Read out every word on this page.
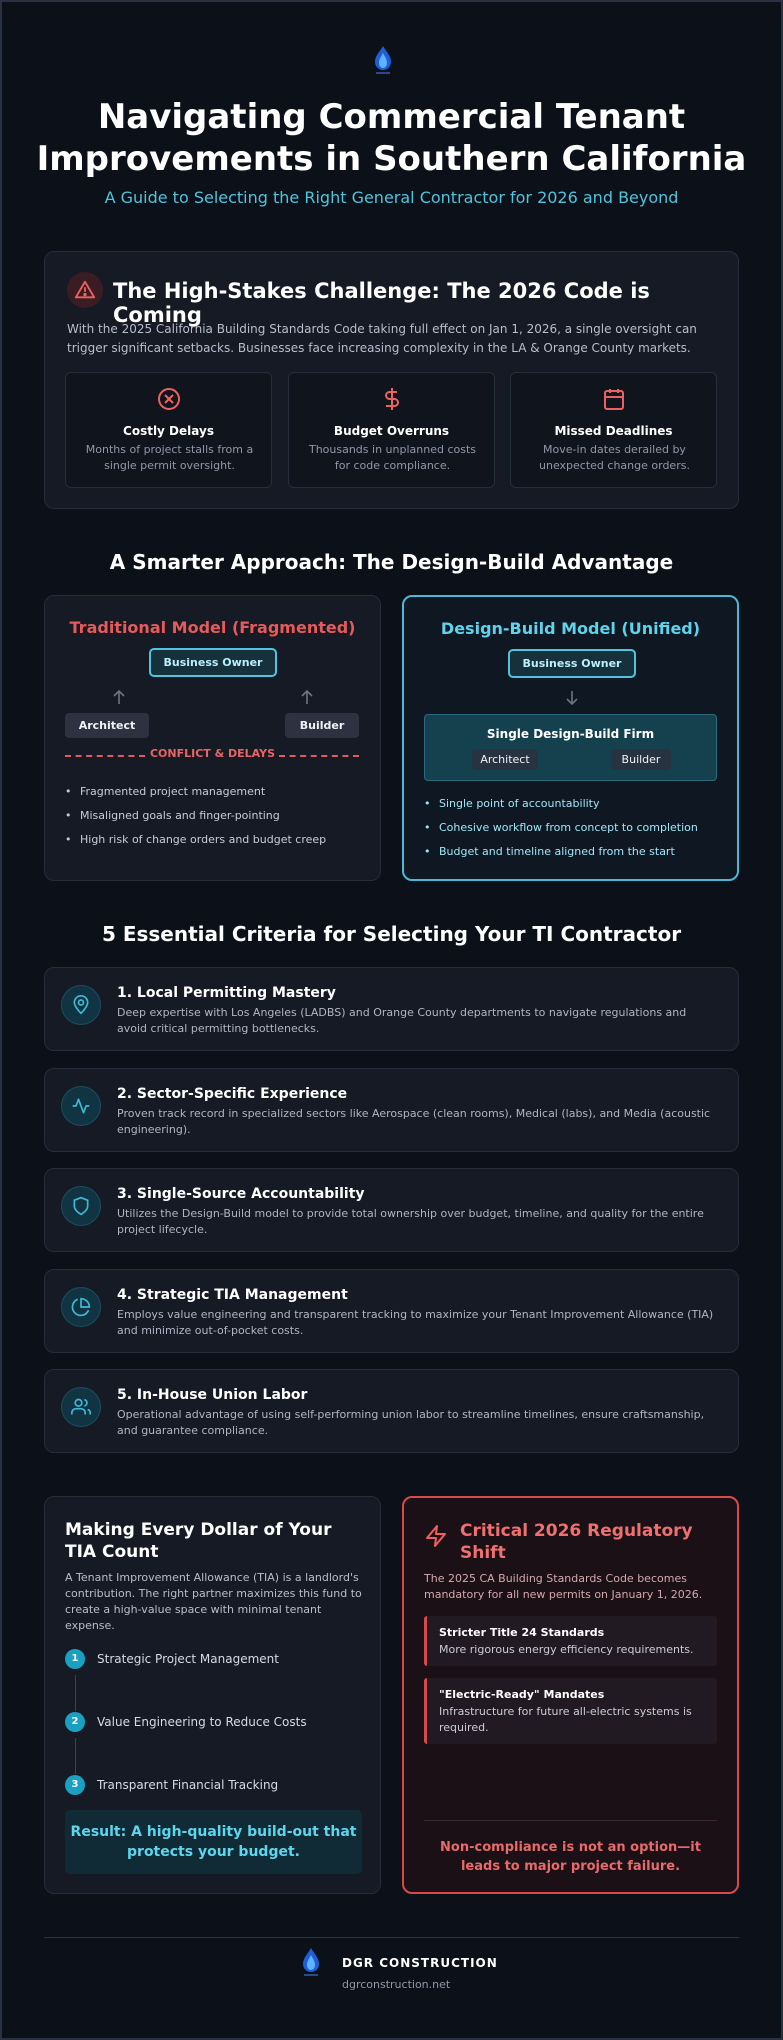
Navigating Commercial Tenant
Improvements in Southern California
A Guide to Selecting the Right General Contractor for 2026 and Beyond
The High-Stakes Challenge: The 2026 Code is Coming
With the 2025 California Building Standards Code taking full effect on Jan 1, 2026, a single oversight can trigger significant setbacks. Businesses face increasing complexity in the LA & Orange County markets.
Costly Delays
Months of project stalls from a single permit oversight.
Budget Overruns
Thousands in unplanned costs for code compliance.
Missed Deadlines
Move-in dates derailed by unexpected change orders.
A Smarter Approach: The Design-Build Advantage
Traditional Model (Fragmented)
Business Owner
Architect	Builder
CONFLICT & DELAYS
• Fragmented project management
• Misaligned goals and finger-pointing
• High risk of change orders and budget creep
Design-Build Model (Unified)
Business Owner
Single Design-Build Firm
Architect	Builder
• Single point of accountability
• Cohesive workflow from concept to completion
• Budget and timeline aligned from the start
5 Essential Criteria for Selecting Your TI Contractor
1. Local Permitting Mastery
Deep expertise with Los Angeles (LADBS) and Orange County departments to navigate regulations and avoid critical permitting bottlenecks.
2. Sector-Specific Experience
Proven track record in specialized sectors like Aerospace (clean rooms), Medical (labs), and Media (acoustic engineering).
3. Single-Source Accountability
Utilizes the Design-Build model to provide total ownership over budget, timeline, and quality for the entire project lifecycle.
4. Strategic TIA Management
Employs value engineering and transparent tracking to maximize your Tenant Improvement Allowance (TIA) and minimize out-of-pocket costs.
5. In-House Union Labor
Operational advantage of using self-performing union labor to streamline timelines, ensure craftsmanship, and guarantee compliance.
Making Every Dollar of Your TIA Count
A Tenant Improvement Allowance (TIA) is a landlord's contribution. The right partner maximizes this fund to create a high-value space with minimal tenant expense.
1	Strategic Project Management
2	Value Engineering to Reduce Costs
3	Transparent Financial Tracking
Result: A high-quality build-out that protects your budget.
Critical 2026 Regulatory Shift
The 2025 CA Building Standards Code becomes mandatory for all new permits on January 1, 2026.
Stricter Title 24 Standards
More rigorous energy efficiency requirements.
"Electric-Ready" Mandates
Infrastructure for future all-electric systems is required.
Non-compliance is not an option—it leads to major project failure.
DGR CONSTRUCTION
dgrconstruction.net
